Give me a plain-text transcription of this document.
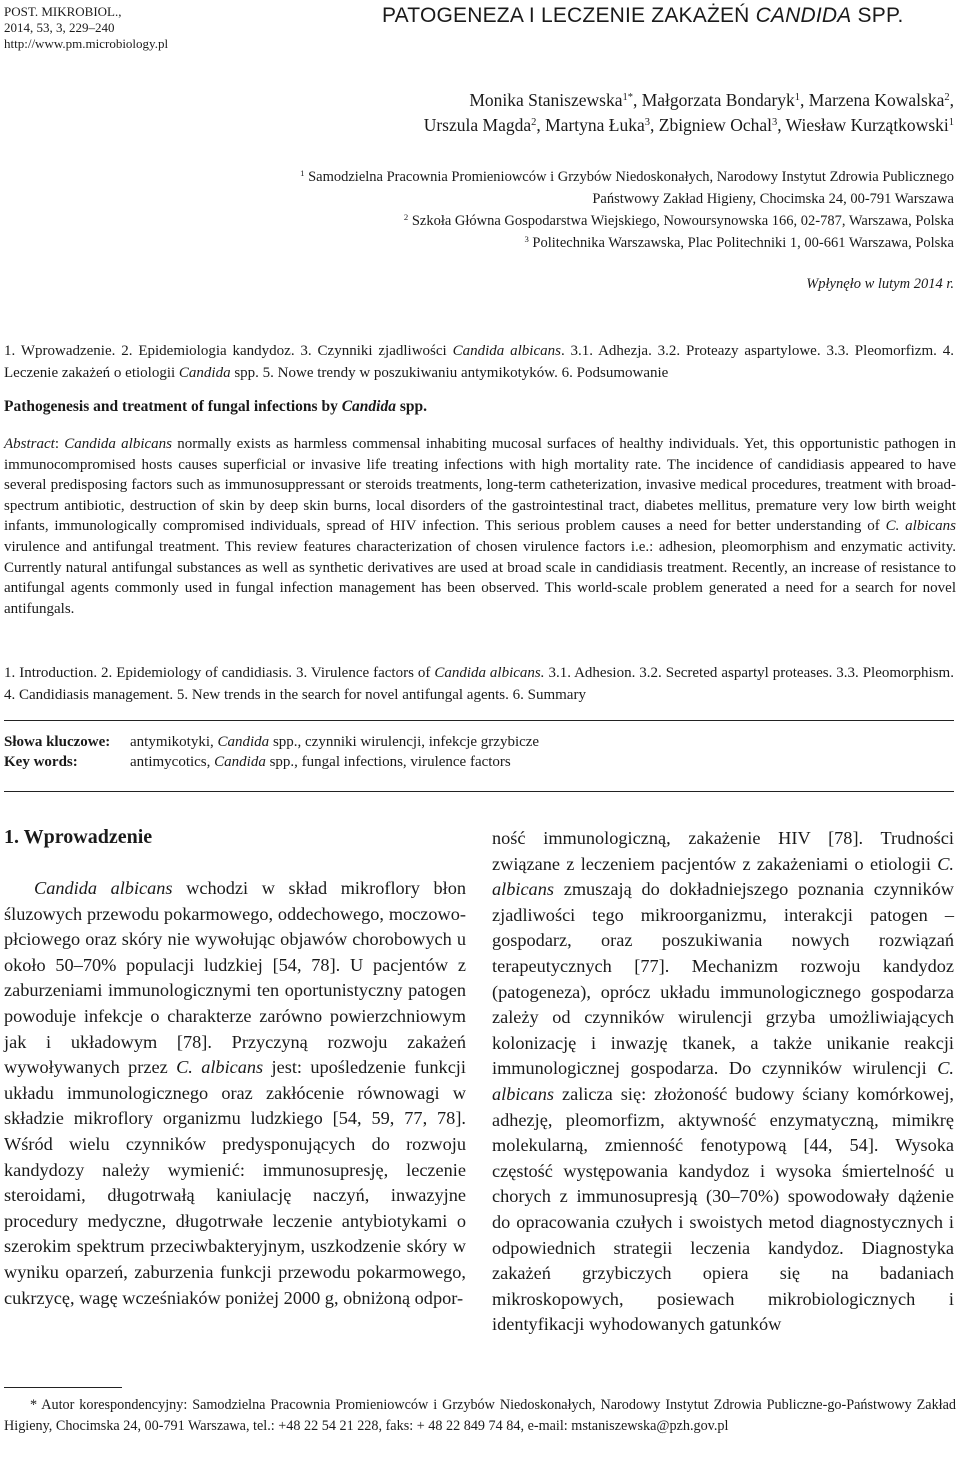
POST. MIKROBIOL.,
2014, 53, 3, 229–240
http://www.pm.microbiology.pl
PATOGENEZA I LECZENIE ZAKAŻEŃ CANDIDA SPP.
Monika Staniszewska$^{1*}$, Małgorzata Bondaryk$^1$, Marzena Kowalska$^2$,
Urszula Magda$^2$, Martyna Łuka$^3$, Zbigniew Ochal$^3$, Wiesław Kurzątkowski$^1$
$^1$ Samodzielna Pracownia Promieniowców i Grzybów Niedoskonałych, Narodowy Instytut Zdrowia Publicznego
Państwowy Zakład Higieny, Chocimska 24, 00-791 Warszawa
$^2$ Szkoła Główna Gospodarstwa Wiejskiego, Nowoursynowska 166, 02-787, Warszawa, Polska
$^3$ Politechnika Warszawska, Plac Politechniki 1, 00-661 Warszawa, Polska
Wpłynęło w lutym 2014 r.
1. Wprowadzenie. 2. Epidemiologia kandydoz. 3. Czynniki zjadliwości Candida albicans. 3.1. Adhezja. 3.2. Proteazy aspartylowe. 3.3. Pleomorfizm. 4. Leczenie zakażeń o etiologii Candida spp. 5. Nowe trendy w poszukiwaniu antymikotyków. 6. Podsumowanie
Pathogenesis and treatment of fungal infections by Candida spp.
Abstract: Candida albicans normally exists as harmless commensal inhabiting mucosal surfaces of healthy individuals. Yet, this opportunistic pathogen in immunocompromised hosts causes superficial or invasive life treating infections with high mortality rate. The incidence of candidiasis appeared to have several predisposing factors such as immunosuppressant or steroids treatments, long-term catheterization, invasive medical procedures, treatment with broad-spectrum antibiotic, destruction of skin by deep skin burns, local disorders of the gastrointestinal tract, diabetes mellitus, premature very low birth weight infants, immunologically compromised individuals, spread of HIV infection. This serious problem causes a need for better understanding of C. albicans virulence and antifungal treatment. This review features characterization of chosen virulence factors i.e.: adhesion, pleomorphism and enzymatic activity. Currently natural antifungal substances as well as synthetic derivatives are used at broad scale in candidiasis treatment. Recently, an increase of resistance to antifungal agents commonly used in fungal infection management has been observed. This world-scale problem generated a need for a search for novel antifungals.
1. Introduction. 2. Epidemiology of candidiasis. 3. Virulence factors of Candida albicans. 3.1. Adhesion. 3.2. Secreted aspartyl proteases. 3.3. Pleomorphism. 4. Candidiasis management. 5. New trends in the search for novel antifungal agents. 6. Summary
Słowa kluczowe:	antymikotyki, Candida spp., czynniki wirulencji, infekcje grzybicze
Key words:	antimycotics, Candida spp., fungal infections, virulence factors
1. Wprowadzenie
Candida albicans wchodzi w skład mikroflory błon śluzowych przewodu pokarmowego, oddechowego, moczowo-płciowego oraz skóry nie wywołując objawów chorobowych u około 50–70% populacji ludzkiej [54, 78]. U pacjentów z zaburzeniami immunologicznymi ten oportunistyczny patogen powoduje infekcje o charakterze zarówno powierzchniowym jak i układowym [78]. Przyczyną rozwoju zakażeń wywoływanych przez C. albicans jest: upośledzenie funkcji układu immunologicznego oraz zakłócenie równowagi w składzie mikroflory organizmu ludzkiego [54, 59, 77, 78]. Wśród wielu czynników predysponujących do rozwoju kandydozy należy wymienić: immunosupresję, leczenie steroidami, długotrwałą kaniulację naczyń, inwazyjne procedury medyczne, długotrwałe leczenie antybiotykami o szerokim spektrum przeciwbakteryjnym, uszkodzenie skóry w wyniku oparzeń, zaburzenia funkcji przewodu pokarmowego, cukrzycę, wagę wcześniaków poniżej 2000 g, obniżoną odpor-
ność immunologiczną, zakażenie HIV [78]. Trudności związane z leczeniem pacjentów z zakażeniami o etiologii C. albicans zmuszają do dokładniejszego poznania czynników zjadliwości tego mikroorganizmu, interakcji patogen – gospodarz, oraz poszukiwania nowych rozwiązań terapeutycznych [77]. Mechanizm rozwoju kandydoz (patogeneza), oprócz układu immunologicznego gospodarza zależy od czynników wirulencji grzyba umożliwiających kolonizację i inwazję tkanek, a także unikanie reakcji immunologicznej gospodarza. Do czynników wirulencji C. albicans zalicza się: złożoność budowy ściany komórkowej, adhezję, pleomorfizm, aktywność enzymatyczną, mimikrę molekularną, zmienność fenotypową [44, 54]. Wysoka częstość występowania kandydoz i wysoka śmiertelność u chorych z immunosupresją (30–70%) spowodowały dążenie do opracowania czułych i swoistych metod diagnostycznych i odpowiednich strategii leczenia kandydoz. Diagnostyka zakażeń grzybiczych opiera się na badaniach mikroskopowych, posiewach mikrobiologicznych i identyfikacji wyhodowanych gatunków
* Autor korespondencyjny: Samodzielna Pracownia Promieniowców i Grzybów Niedoskonałych, Narodowy Instytut Zdrowia Publiczne-go-Państwowy Zakład Higieny, Chocimska 24, 00-791 Warszawa, tel.: +48 22 54 21 228, faks: + 48 22 849 74 84, e-mail: mstaniszewska@pzh.gov.pl
